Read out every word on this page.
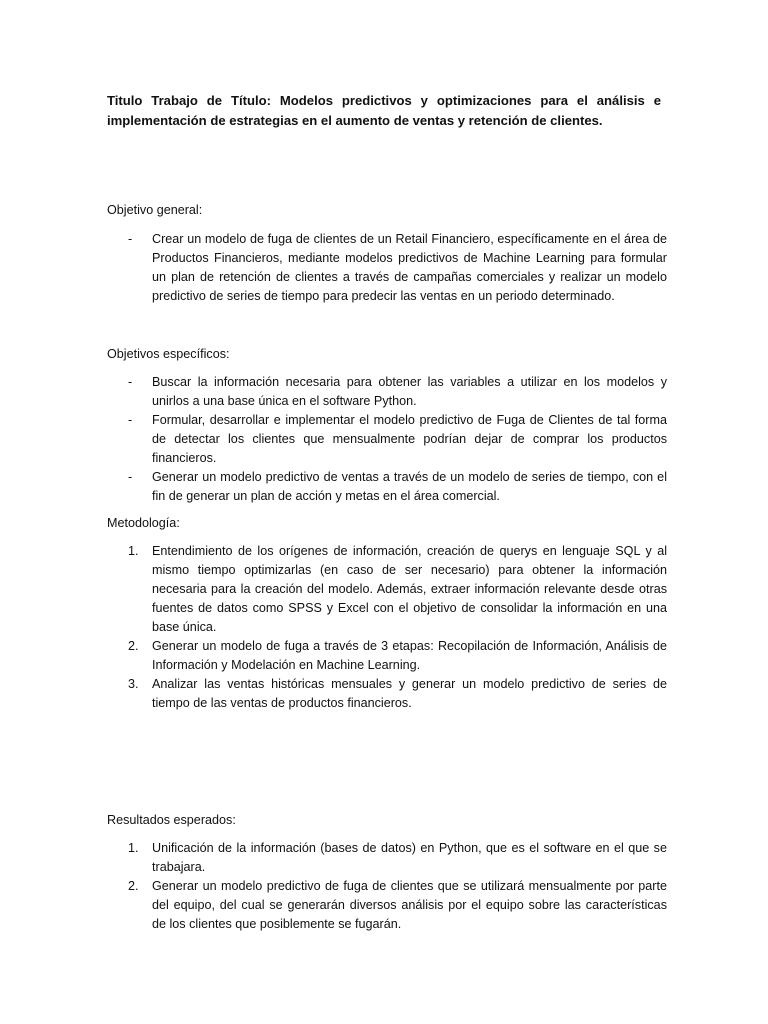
Titulo Trabajo de Título: Modelos predictivos y optimizaciones para el análisis e implementación de estrategias en el aumento de ventas y retención de clientes.
Objetivo general:
- Crear un modelo de fuga de clientes de un Retail Financiero, específicamente en el área de Productos Financieros, mediante modelos predictivos de Machine Learning para formular un plan de retención de clientes a través de campañas comerciales y realizar un modelo predictivo de series de tiempo para predecir las ventas en un periodo determinado.
Objetivos específicos:
- Buscar la información necesaria para obtener las variables a utilizar en los modelos y unirlos a una base única en el software Python.
- Formular, desarrollar e implementar el modelo predictivo de Fuga de Clientes de tal forma de detectar los clientes que mensualmente podrían dejar de comprar los productos financieros.
- Generar un modelo predictivo de ventas a través de un modelo de series de tiempo, con el fin de generar un plan de acción y metas en el área comercial.
Metodología:
1. Entendimiento de los orígenes de información, creación de querys en lenguaje SQL y al mismo tiempo optimizarlas (en caso de ser necesario) para obtener la información necesaria para la creación del modelo. Además, extraer información relevante desde otras fuentes de datos como SPSS y Excel con el objetivo de consolidar la información en una base única.
2. Generar un modelo de fuga a través de 3 etapas: Recopilación de Información, Análisis de Información y Modelación en Machine Learning.
3. Analizar las ventas históricas mensuales y generar un modelo predictivo de series de tiempo de las ventas de productos financieros.
Resultados esperados:
1. Unificación de la información (bases de datos) en Python, que es el software en el que se trabajara.
2. Generar un modelo predictivo de fuga de clientes que se utilizará mensualmente por parte del equipo, del cual se generarán diversos análisis por el equipo sobre las características de los clientes que posiblemente se fugarán.
